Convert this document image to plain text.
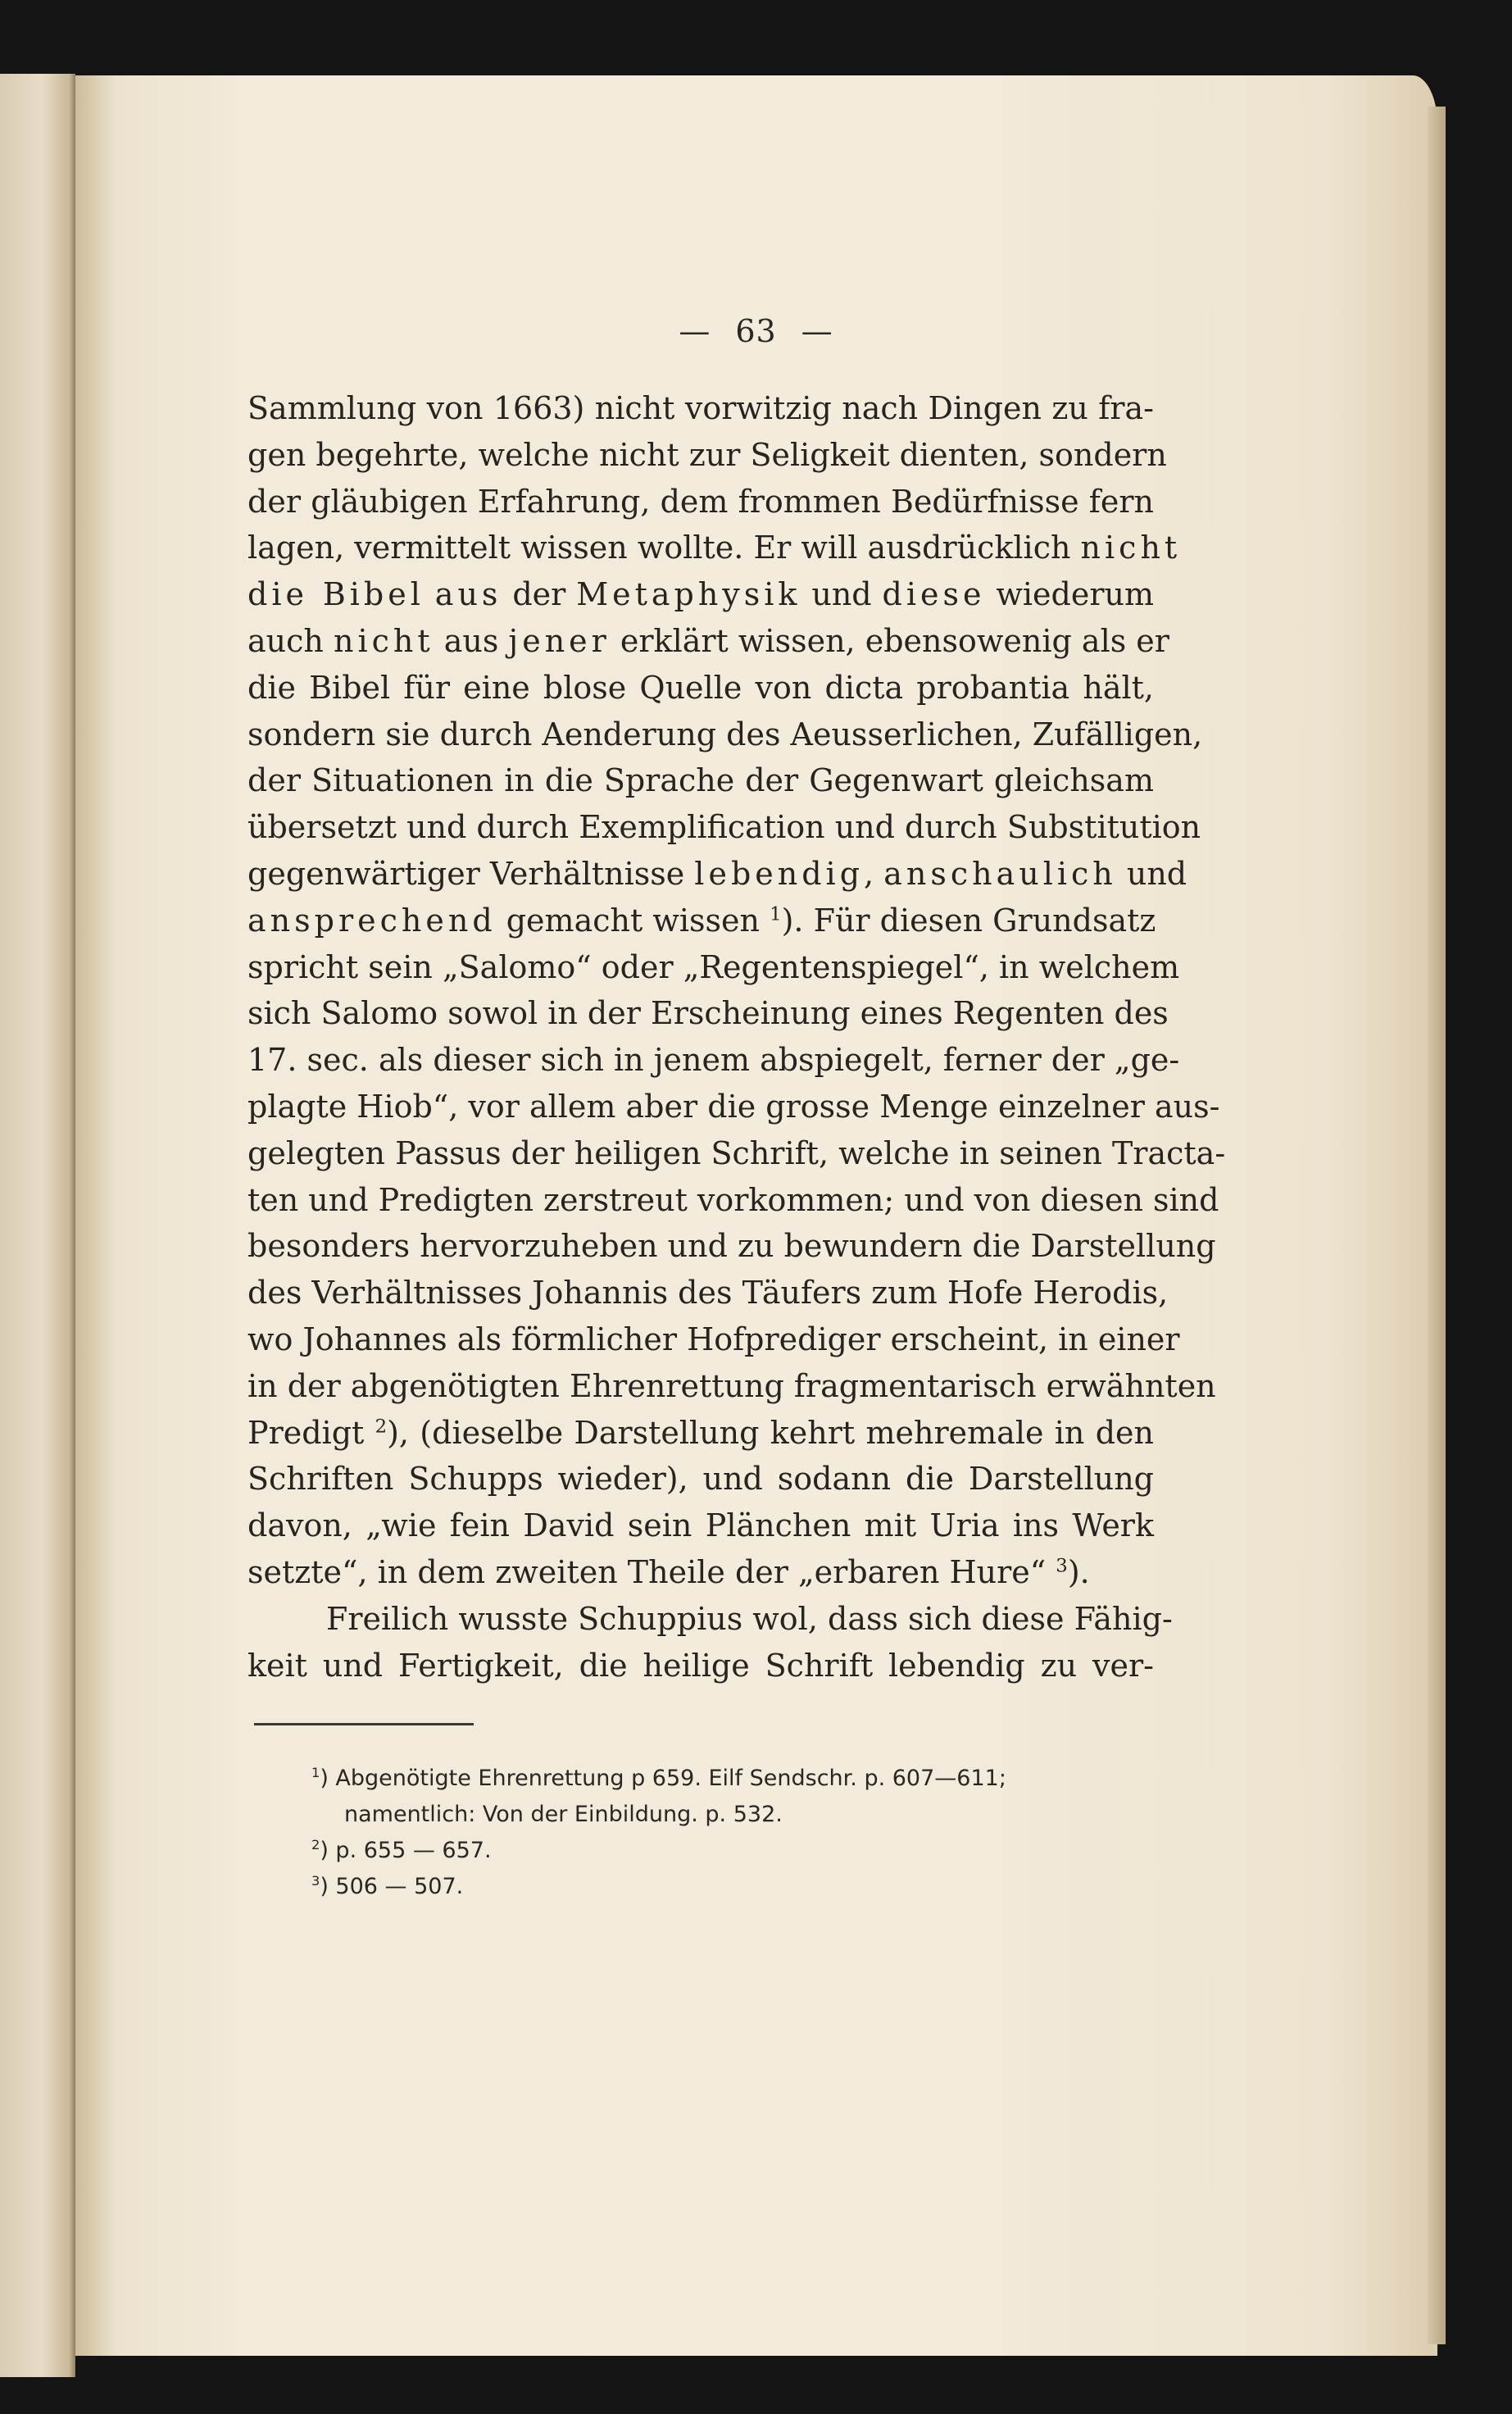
— 63 —
Sammlung von 1663) nicht vorwitzig nach Dingen zu fra-
gen begehrte, welche nicht zur Seligkeit dienten, sondern
der gläubigen Erfahrung, dem frommen Bedürfnisse fern
lagen, vermittelt wissen wollte. Er will ausdrücklich nicht
die Bibel aus der Metaphysik und diese wiederum
auch nicht aus jener erklärt wissen, ebensowenig als er
die Bibel für eine blose Quelle von dicta probantia hält,
sondern sie durch Aenderung des Aeusserlichen, Zufälligen,
der Situationen in die Sprache der Gegenwart gleichsam
übersetzt und durch Exemplification und durch Substitution
gegenwärtiger Verhältnisse lebendig, anschaulich und
ansprechend gemacht wissen $^1$). Für diesen Grundsatz
spricht sein „Salomo“ oder „Regentenspiegel“, in welchem
sich Salomo sowol in der Erscheinung eines Regenten des
17. sec. als dieser sich in jenem abspiegelt, ferner der „ge-
plagte Hiob“, vor allem aber die grosse Menge einzelner aus-
gelegten Passus der heiligen Schrift, welche in seinen Tracta-
ten und Predigten zerstreut vorkommen; und von diesen sind
besonders hervorzuheben und zu bewundern die Darstellung
des Verhältnisses Johannis des Täufers zum Hofe Herodis,
wo Johannes als förmlicher Hofprediger erscheint, in einer
in der abgenötigten Ehrenrettung fragmentarisch erwähnten
Predigt $^2$), (dieselbe Darstellung kehrt mehremale in den
Schriften Schupps wieder), und sodann die Darstellung
davon, „wie fein David sein Plänchen mit Uria ins Werk
setzte“, in dem zweiten Theile der „erbaren Hure“ $^3$).
Freilich wusste Schuppius wol, dass sich diese Fähig-
keit und Fertigkeit, die heilige Schrift lebendig zu ver-
$^1$) Abgenötigte Ehrenrettung p 659. Eilf Sendschr. p. 607—611;
namentlich: Von der Einbildung. p. 532.
$^2$) p. 655 — 657.
$^3$) 506 — 507.
